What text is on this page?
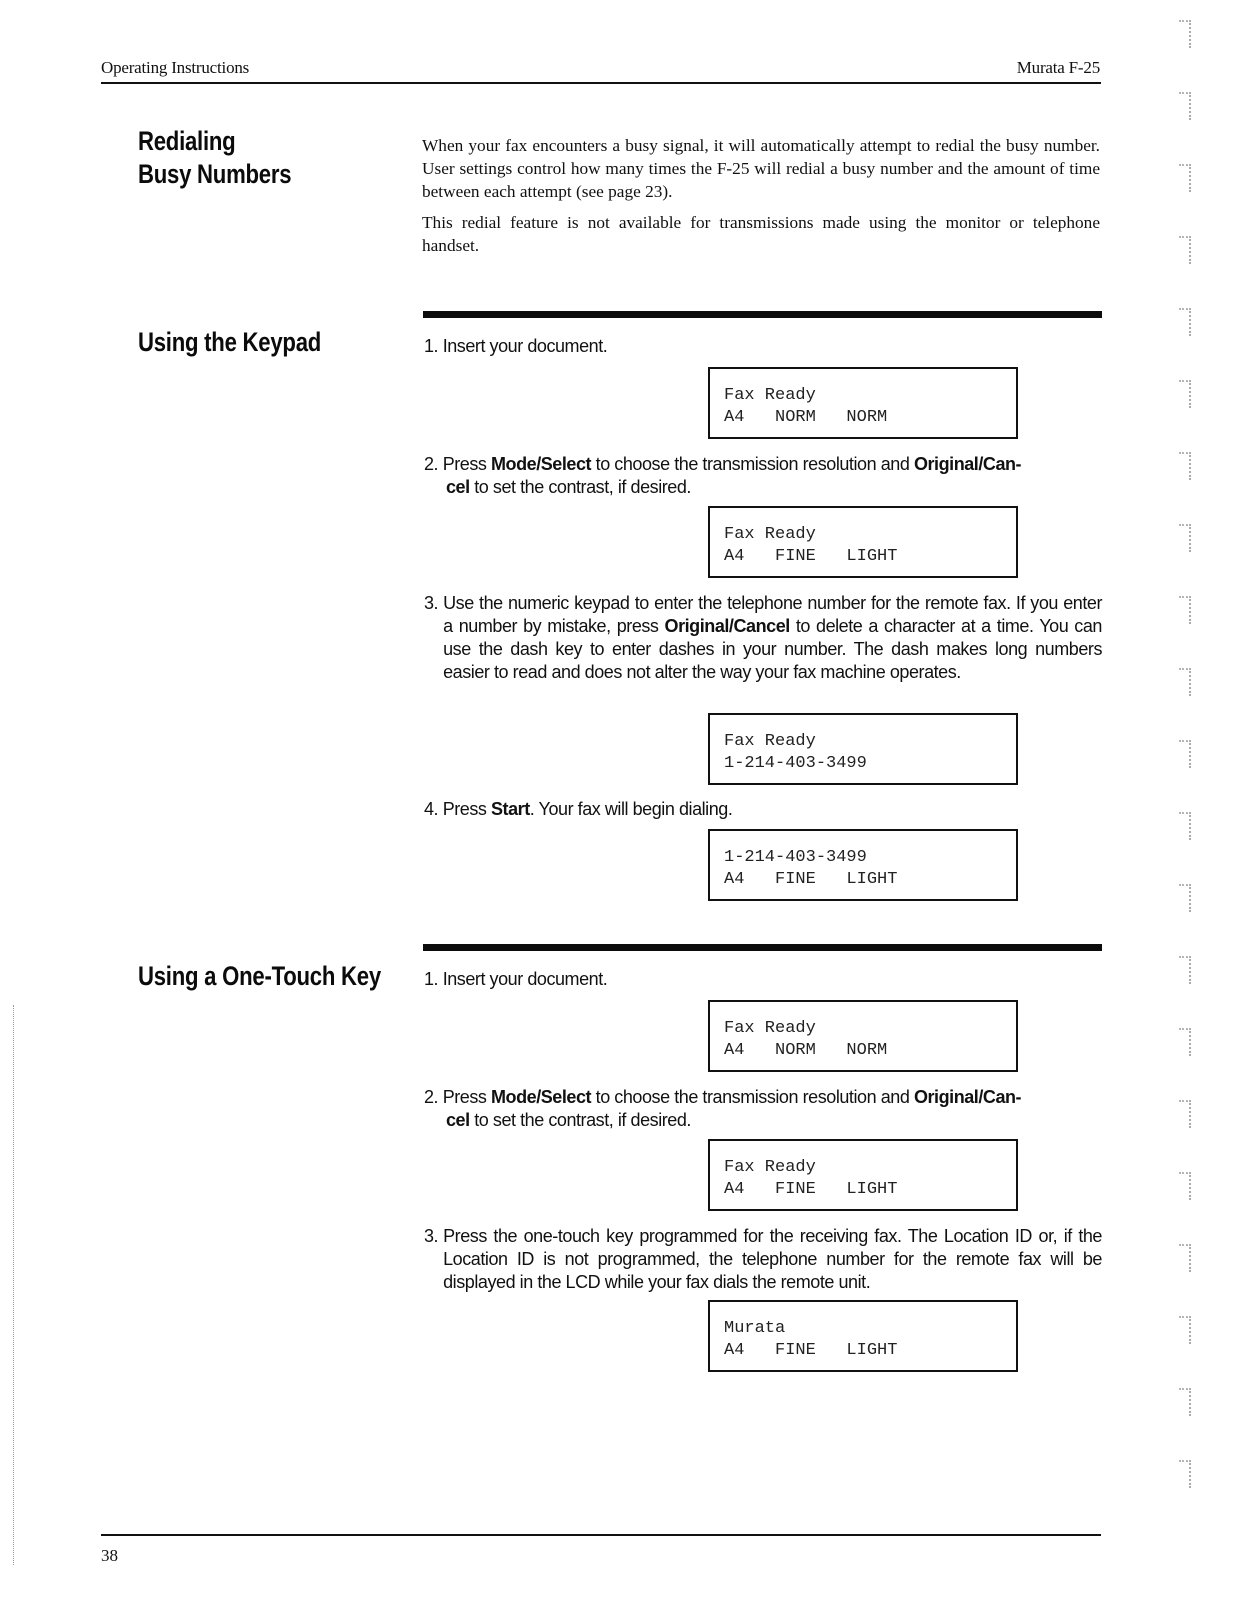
Operating Instructions	Murata F-25
Redialing
Busy Numbers
When your fax encounters a busy signal, it will automatically attempt to redial the busy number. User settings control how many times the F-25 will redial a busy number and the amount of time between each attempt (see page 23).
This redial feature is not available for transmissions made using the monitor or telephone handset.
Using the Keypad	1. Insert your document.
Fax Ready
A4   NORM   NORM
2. Press Mode/Select to choose the transmission resolution and Original/Can-
cel to set the contrast, if desired.
Fax Ready
A4   FINE   LIGHT
3. Use the numeric keypad to enter the telephone number for the remote fax. If you enter a number by mistake, press Original/Cancel to delete a character at a time. You can use the dash key to enter dashes in your number. The dash makes long numbers easier to read and does not alter the way your fax machine operates.
Fax Ready
1-214-403-3499
4. Press Start. Your fax will begin dialing.
1-214-403-3499
A4   FINE   LIGHT
Using a One-Touch Key 1. Insert your document.
Fax Ready
A4   NORM   NORM
2. Press Mode/Select to choose the transmission resolution and Original/Can-
cel to set the contrast, if desired.
Fax Ready
A4   FINE   LIGHT
3. Press the one-touch key programmed for the receiving fax. The Location ID or, if the Location ID is not programmed, the telephone number for the remote fax will be displayed in the LCD while your fax dials the remote unit.
Murata
A4   FINE   LIGHT
38
